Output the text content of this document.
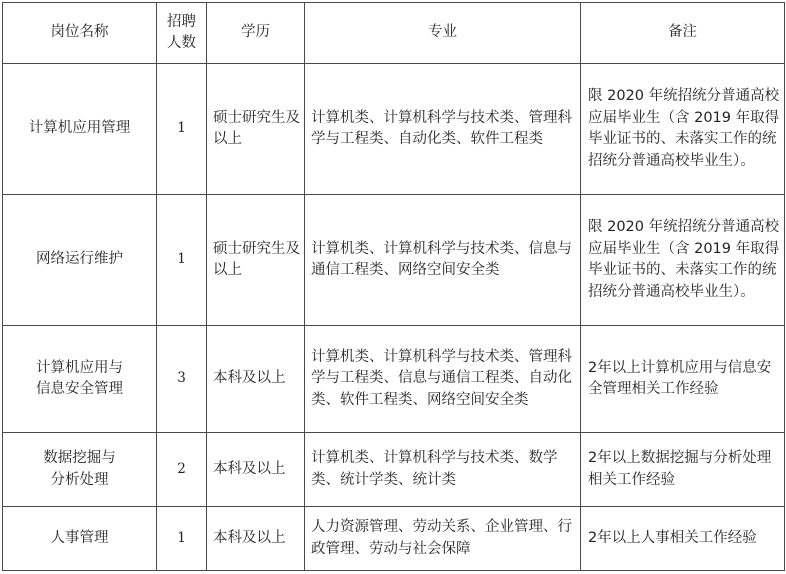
岗位名称	招聘人数	学历	专业	备注
计算机应用管理	1	硕士研究生及以上	计算机类、计算机科学与技术类、管理科学与工程类、自动化类、软件工程类	限 2020 年统招统分普通高校应届毕业生（含 2019 年取得毕业证书的、未落实工作的统招统分普通高校毕业生）。
网络运行维护	1	硕士研究生及以上	计算机类、计算机科学与技术类、信息与通信工程类、网络空间安全类	限 2020 年统招统分普通高校应届毕业生（含 2019 年取得毕业证书的、未落实工作的统招统分普通高校毕业生）。
计算机应用与信息安全管理	3	本科及以上	计算机类、计算机科学与技术类、管理科学与工程类、信息与通信工程类、自动化类、软件工程类、网络空间安全类	2年以上计算机应用与信息安全管理相关工作经验
数据挖掘与分析处理	2	本科及以上	计算机类、计算机科学与技术类、数学类、统计学类、统计类	2年以上数据挖掘与分析处理相关工作经验
人事管理	1	本科及以上	人力资源管理、劳动关系、企业管理、行政管理、劳动与社会保障	2年以上人事相关工作经验
